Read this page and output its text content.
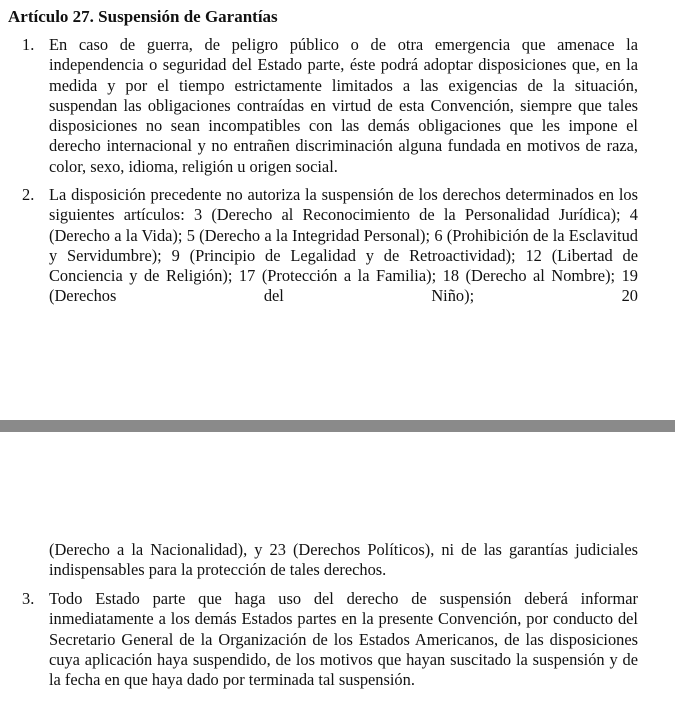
Artículo 27. Suspensión de Garantías
1. En caso de guerra, de peligro público o de otra emergencia que amenace la independencia o seguridad del Estado parte, éste podrá adoptar disposiciones que, en la medida y por el tiempo estrictamente limitados a las exigencias de la situación, suspendan las obligaciones contraídas en virtud de esta Convención, siempre que tales disposiciones no sean incompatibles con las demás obligaciones que les impone el derecho internacional y no entrañen discriminación alguna fundada en motivos de raza, color, sexo, idioma, religión u origen social.

2. La disposición precedente no autoriza la suspensión de los derechos determinados en los siguientes artículos: 3 (Derecho al Reconocimiento de la Personalidad Jurídica); 4 (Derecho a la Vida); 5 (Derecho a la Integridad Personal); 6 (Prohibición de la Esclavitud y Servidumbre); 9 (Principio de Legalidad y de Retroactividad); 12 (Libertad de Conciencia y de Religión); 17 (Protección a la Familia); 18 (Derecho al Nombre); 19 (Derechos del Niño); 20

(Derecho a la Nacionalidad), y 23 (Derechos Políticos), ni de las garantías judiciales indispensables para la protección de tales derechos.

3. Todo Estado parte que haga uso del derecho de suspensión deberá informar inmediatamente a los demás Estados partes en la presente Convención, por conducto del Secretario General de la Organización de los Estados Americanos, de las disposiciones cuya aplicación haya suspendido, de los motivos que hayan suscitado la suspensión y de la fecha en que haya dado por terminada tal suspensión.
